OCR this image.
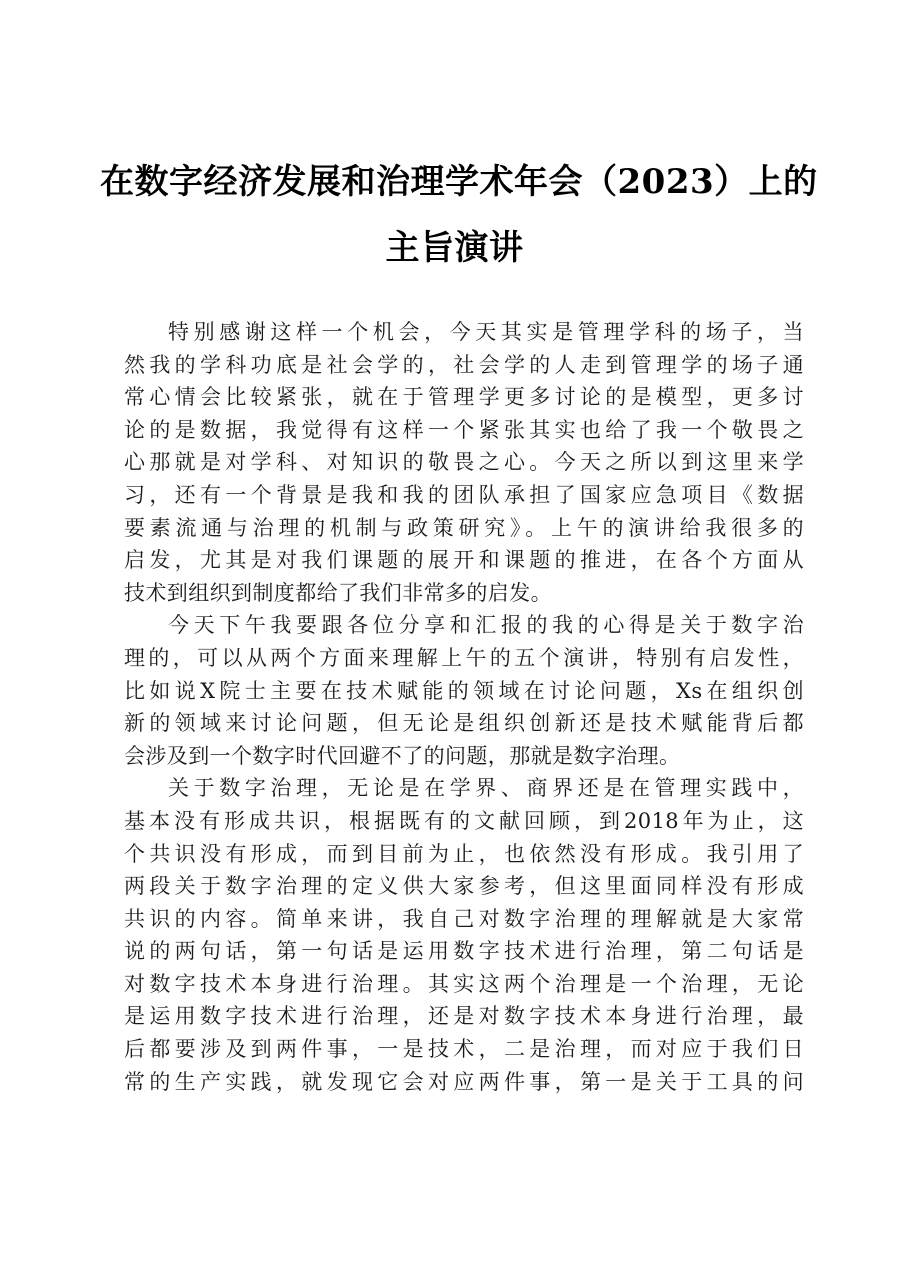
在数字经济发展和治理学术年会（2023）上的
主旨演讲
特别感谢这样一个机会，今天其实是管理学科的场子，当
然我的学科功底是社会学的，社会学的人走到管理学的场子通
常心情会比较紧张，就在于管理学更多讨论的是模型，更多讨
论的是数据，我觉得有这样一个紧张其实也给了我一个敬畏之
心那就是对学科、对知识的敬畏之心。今天之所以到这里来学
习，还有一个背景是我和我的团队承担了国家应急项目《数据
要素流通与治理的机制与政策研究》。上午的演讲给我很多的
启发，尤其是对我们课题的展开和课题的推进，在各个方面从
技术到组织到制度都给了我们非常多的启发。
今天下午我要跟各位分享和汇报的我的心得是关于数字治
理的，可以从两个方面来理解上午的五个演讲，特别有启发性，
比如说X院士主要在技术赋能的领域在讨论问题，Xs在组织创
新的领域来讨论问题，但无论是组织创新还是技术赋能背后都
会涉及到一个数字时代回避不了的问题，那就是数字治理。
关于数字治理，无论是在学界、商界还是在管理实践中，
基本没有形成共识，根据既有的文献回顾，到2018年为止，这
个共识没有形成，而到目前为止，也依然没有形成。我引用了
两段关于数字治理的定义供大家参考，但这里面同样没有形成
共识的内容。简单来讲，我自己对数字治理的理解就是大家常
说的两句话，第一句话是运用数字技术进行治理，第二句话是
对数字技术本身进行治理。其实这两个治理是一个治理，无论
是运用数字技术进行治理，还是对数字技术本身进行治理，最
后都要涉及到两件事，一是技术，二是治理，而对应于我们日
常的生产实践，就发现它会对应两件事，第一是关于工具的问
